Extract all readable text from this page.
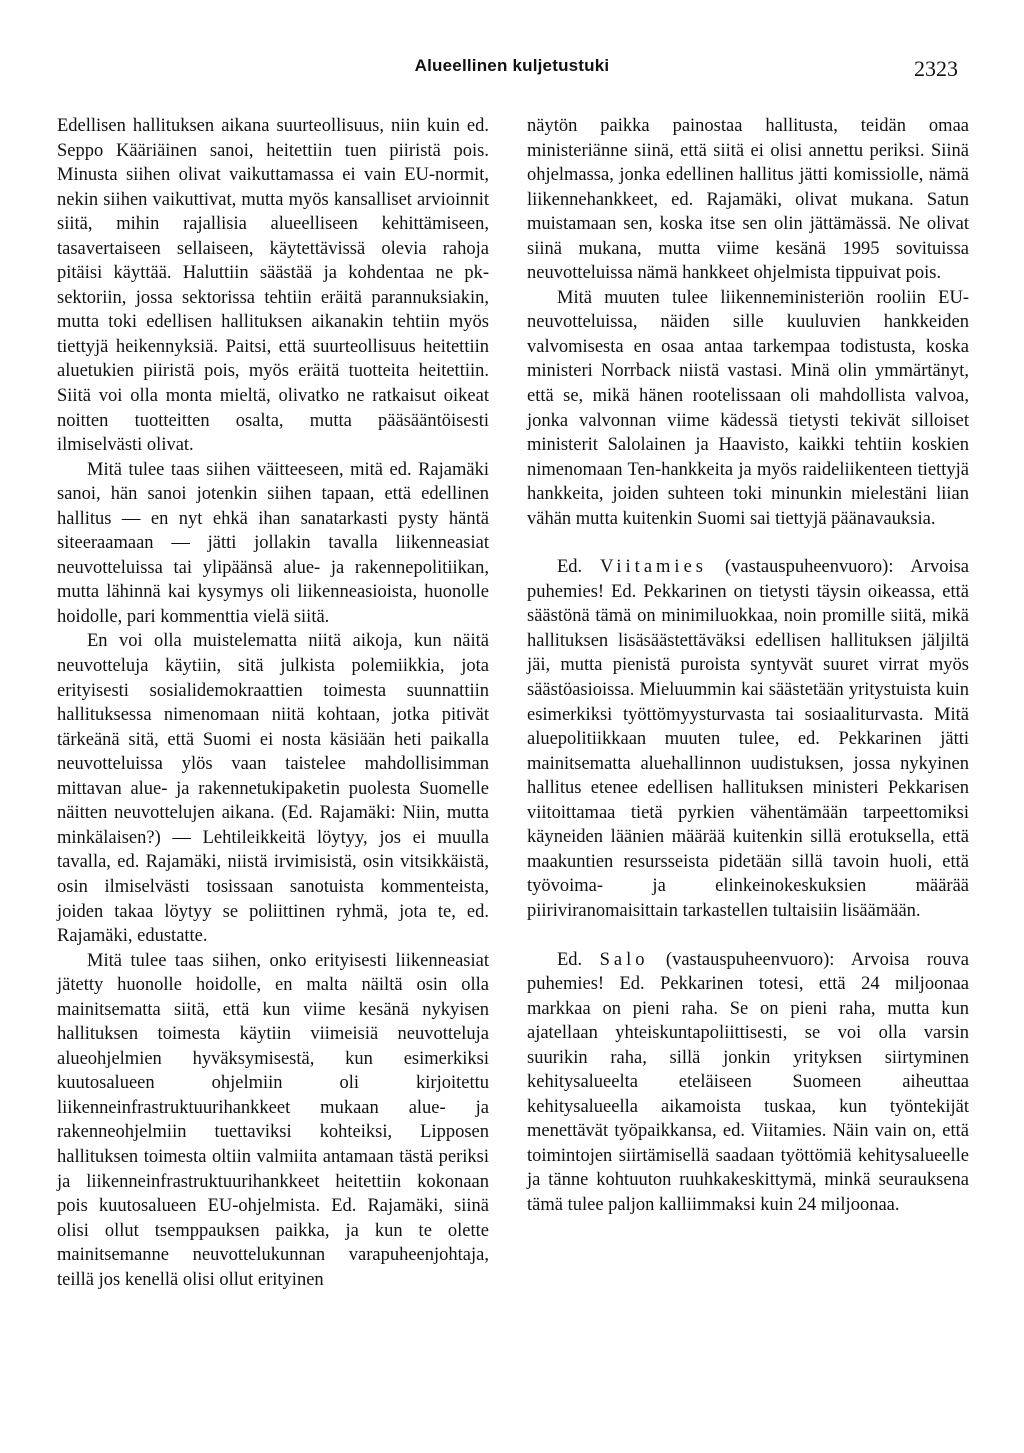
Alueellinen kuljetustuki	2323

Edellisen hallituksen aikana suurteollisuus, niin kuin ed. Seppo Kääriäinen sanoi, heitettiin tuen piiristä pois. Minusta siihen olivat vaikuttamassa ei vain EU-normit, nekin siihen vaikuttivat, mutta myös kansalliset arvioinnit siitä, mihin rajallisia alueelliseen kehittämiseen, tasavertaiseen sellaiseen, käytettävissä olevia rahoja pitäisi käyttää. Haluttiin säästää ja kohdentaa ne pk-sektoriin, jossa sektorissa tehtiin eräitä parannuksiakin, mutta toki edellisen hallituksen aikanakin tehtiin myös tiettyjä heikennyksiä. Paitsi, että suurteollisuus heitettiin aluetukien piiristä pois, myös eräitä tuotteita heitettiin. Siitä voi olla monta mieltä, olivatko ne ratkaisut oikeat noitten tuotteitten osalta, mutta pääsääntöisesti ilmiselvästi olivat.

Mitä tulee taas siihen väitteeseen, mitä ed. Rajamäki sanoi, hän sanoi jotenkin siihen tapaan, että edellinen hallitus — en nyt ehkä ihan sanatarkasti pysty häntä siteeraamaan — jätti jollakin tavalla liikenneasiat neuvotteluissa tai ylipäänsä alue- ja rakennepolitiikan, mutta lähinnä kai kysymys oli liikenneasioista, huonolle hoidolle, pari kommenttia vielä siitä.

En voi olla muistelematta niitä aikoja, kun näitä neuvotteluja käytiin, sitä julkista polemiikkia, jota erityisesti sosialidemokraattien toimesta suunnattiin hallituksessa nimenomaan niitä kohtaan, jotka pitivät tärkeänä sitä, että Suomi ei nosta käsiään heti paikalla neuvotteluissa ylös vaan taistelee mahdollisimman mittavan alue- ja rakennetukipaketin puolesta Suomelle näitten neuvottelujen aikana. (Ed. Rajamäki: Niin, mutta minkälaisen?) — Lehtileikkeitä löytyy, jos ei muulla tavalla, ed. Rajamäki, niistä irvimisistä, osin vitsikkäistä, osin ilmiselvästi tosissaan sanotuista kommenteista, joiden takaa löytyy se poliittinen ryhmä, jota te, ed. Rajamäki, edustatte.

Mitä tulee taas siihen, onko erityisesti liikenneasiat jätetty huonolle hoidolle, en malta näiltä osin olla mainitsematta siitä, että kun viime kesänä nykyisen hallituksen toimesta käytiin viimeisiä neuvotteluja alueohjelmien hyväksymisestä, kun esimerkiksi kuutosalueen ohjelmiin oli kirjoitettu liikenneinfrastruktuurihankkeet mukaan alue- ja rakenneohjelmiin tuettaviksi kohteiksi, Lipposen hallituksen toimesta oltiin valmiita antamaan tästä periksi ja liikenneinfrastruktuurihankkeet heitettiin kokonaan pois kuutosalueen EU-ohjelmista. Ed. Rajamäki, siinä olisi ollut tsemppauksen paikka, ja kun te olette mainitsemanne neuvottelukunnan varapuheenjohtaja, teillä jos kenellä olisi ollut erityinen

näytön paikka painostaa hallitusta, teidän omaa ministeriänne siinä, että siitä ei olisi annettu periksi. Siinä ohjelmassa, jonka edellinen hallitus jätti komissiolle, nämä liikennehankkeet, ed. Rajamäki, olivat mukana. Satun muistamaan sen, koska itse sen olin jättämässä. Ne olivat siinä mukana, mutta viime kesänä 1995 sovituissa neuvotteluissa nämä hankkeet ohjelmista tippuivat pois.

Mitä muuten tulee liikenneministeriön rooliin EU-neuvotteluissa, näiden sille kuuluvien hankkeiden valvomisesta en osaa antaa tarkempaa todistusta, koska ministeri Norrback niistä vastasi. Minä olin ymmärtänyt, että se, mikä hänen rootelissaan oli mahdollista valvoa, jonka valvonnan viime kädessä tietysti tekivät silloiset ministerit Salolainen ja Haavisto, kaikki tehtiin koskien nimenomaan Ten-hankkeita ja myös raideliikenteen tiettyjä hankkeita, joiden suhteen toki minunkin mielestäni liian vähän mutta kuitenkin Suomi sai tiettyjä päänavauksia.

Ed. Viitamies (vastauspuheenvuoro): Arvoisa puhemies! Ed. Pekkarinen on tietysti täysin oikeassa, että säästönä tämä on minimiluokkaa, noin promille siitä, mikä hallituksen lisäsäästettäväksi edellisen hallituksen jäljiltä jäi, mutta pienistä puroista syntyvät suuret virrat myös säästöasioissa. Mieluummin kai säästetään yritystuista kuin esimerkiksi työttömyysturvasta tai sosiaaliturvasta. Mitä aluepolitiikkaan muuten tulee, ed. Pekkarinen jätti mainitsematta aluehallinnon uudistuksen, jossa nykyinen hallitus etenee edellisen hallituksen ministeri Pekkarisen viitoittamaa tietä pyrkien vähentämään tarpeettomiksi käyneiden läänien määrää kuitenkin sillä erotuksella, että maakuntien resursseista pidetään sillä tavoin huoli, että työvoima- ja elinkeinokeskuksien määrää piiriviranomaisittain tarkastellen tultaisiin lisäämään.

Ed. Salo (vastauspuheenvuoro): Arvoisa rouva puhemies! Ed. Pekkarinen totesi, että 24 miljoonaa markkaa on pieni raha. Se on pieni raha, mutta kun ajatellaan yhteiskuntapoliittisesti, se voi olla varsin suurikin raha, sillä jonkin yrityksen siirtyminen kehitysalueelta eteläiseen Suomeen aiheuttaa kehitysalueella aikamoista tuskaa, kun työntekijät menettävät työpaikkansa, ed. Viitamies. Näin vain on, että toimintojen siirtämisellä saadaan työttömiä kehitysalueelle ja tänne kohtuuton ruuhkakeskittymä, minkä seurauksena tämä tulee paljon kalliimmaksi kuin 24 miljoonaa.
